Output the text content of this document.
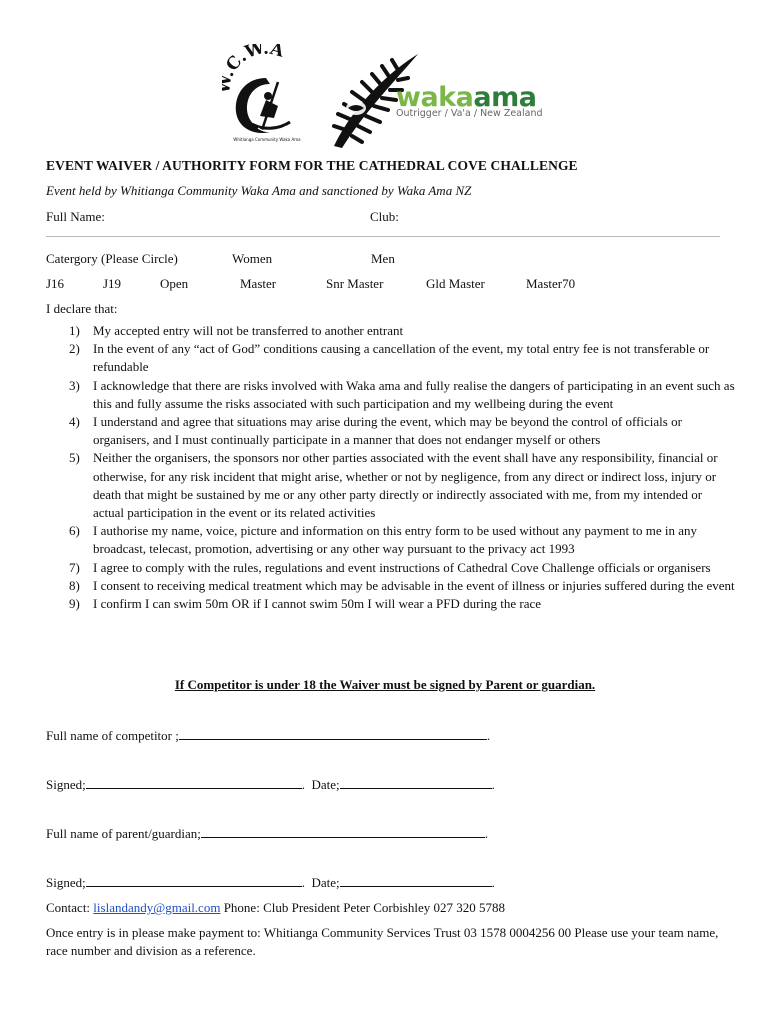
C.W.A
Whitianga Community Waka Ama
wakaama
Outrigger / Va'a / New Zealand
EVENT WAIVER / AUTHORITY FORM FOR THE CATHEDRAL COVE CHALLENGE
Event held by Whitianga Community Waka Ama and sanctioned by Waka Ama NZ
Full Name:	Club:
Catergory (Please Circle)	Women	Men
J16	J19	Open	Master	Snr Master	Gld Master	Master70
I declare that:
1) My accepted entry will not be transferred to another entrant
2) In the event of any “act of God” conditions causing a cancellation of the event, my total entry fee is not transferable or refundable
3) I acknowledge that there are risks involved with Waka ama and fully realise the dangers of participating in an event such as this and fully assume the risks associated with such participation and my wellbeing during the event
4) I understand and agree that situations may arise during the event, which may be beyond the control of officials or organisers, and I must continually participate in a manner that does not endanger myself or others
5) Neither the organisers, the sponsors nor other parties associated with the event shall have any responsibility, financial or otherwise, for any risk incident that might arise, whether or not by negligence, from any direct or indirect loss, injury or death that might be sustained by me or any other party directly or indirectly associated with me, from my intended or actual participation in the event or its related activities
6) I authorise my name, voice, picture and information on this entry form to be used without any payment to me in any broadcast, telecast, promotion, advertising or any other way pursuant to the privacy act 1993
7) I agree to comply with the rules, regulations and event instructions of Cathedral Cove Challenge officials or organisers
8) I consent to receiving medical treatment which may be advisable in the event of illness or injuries suffered during the event
9) I confirm I can swim 50m OR if I cannot swim 50m I will wear a PFD during the race
If Competitor is under 18 the Waiver must be signed by Parent or guardian.
Full name of competitor ;	.
Signed;	. Date;	.
Full name of parent/guardian;	.
Signed;	. Date;	.
Contact: lislandandy@gmail.com Phone: Club President Peter Corbishley 027 320 5788
Once entry is in please make payment to: Whitianga Community Services Trust 03 1578 0004256 00 Please use your team name, race number and division as a reference.
